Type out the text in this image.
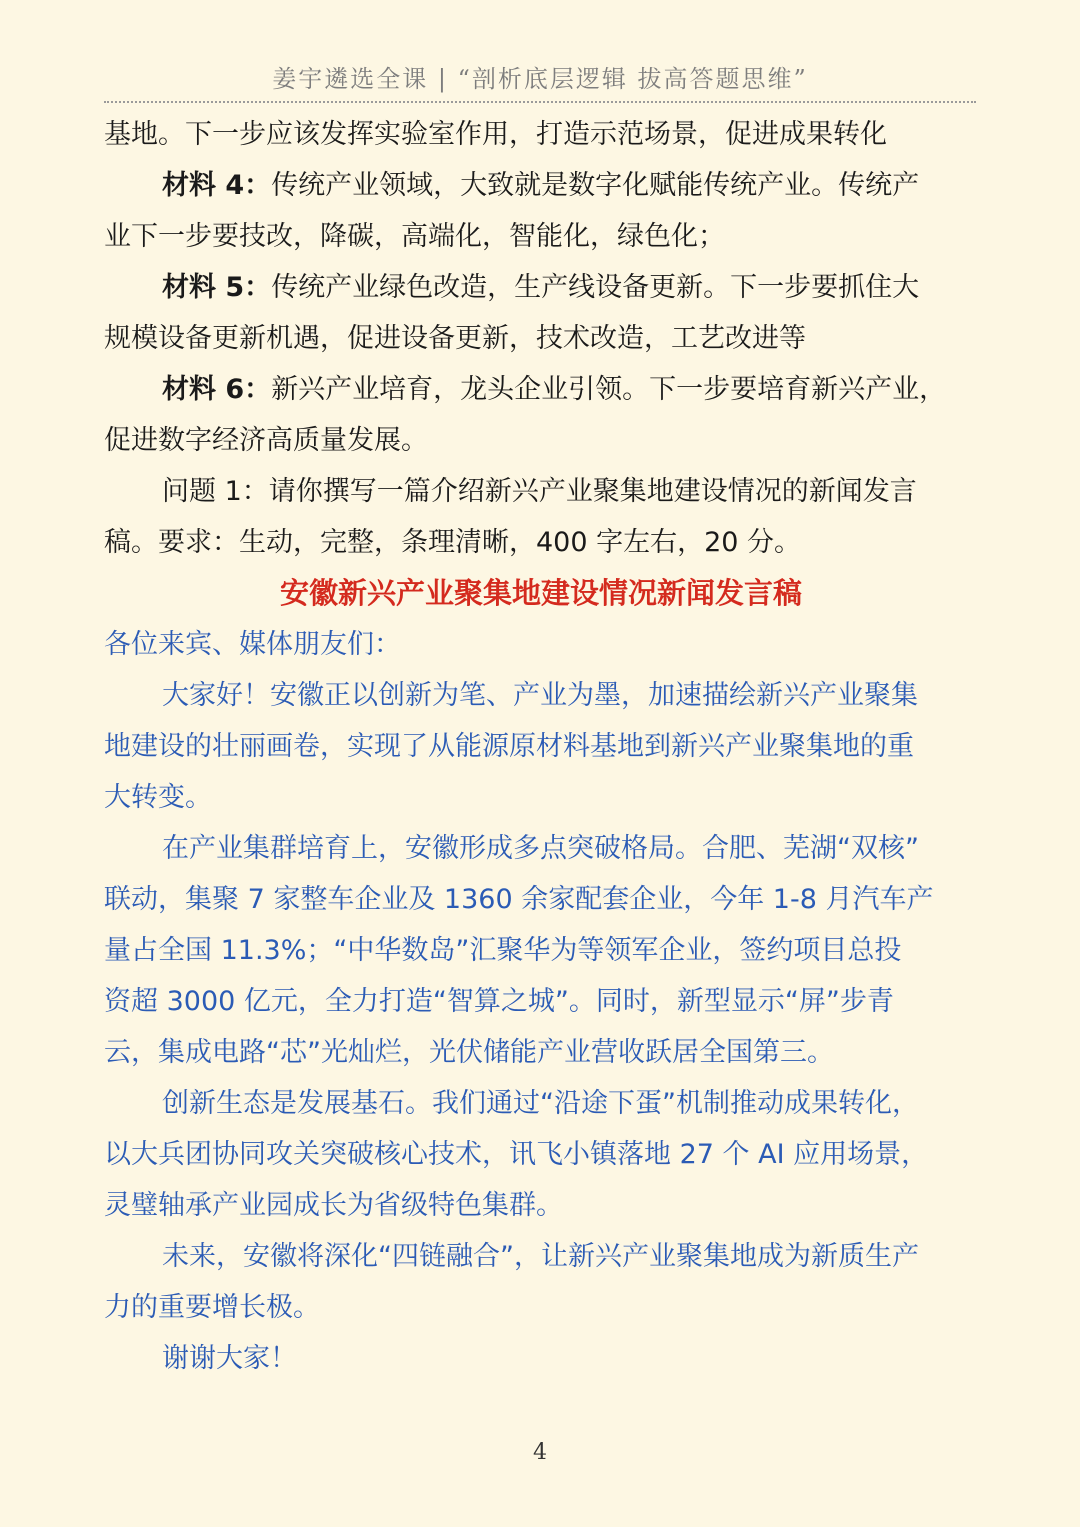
姜宇遴选全课 | “剖析底层逻辑 拔高答题思维”
基地。下一步应该发挥实验室作用，打造示范场景，促进成果转化
材料 4：传统产业领域，大致就是数字化赋能传统产业。传统产
业下一步要技改，降碳，高端化，智能化，绿色化；
材料 5：传统产业绿色改造，生产线设备更新。下一步要抓住大
规模设备更新机遇，促进设备更新，技术改造，工艺改进等
材料 6：新兴产业培育，龙头企业引领。下一步要培育新兴产业，
促进数字经济高质量发展。
问题 1：请你撰写一篇介绍新兴产业聚集地建设情况的新闻发言
稿。要求：生动，完整，条理清晰，400 字左右，20 分。
安徽新兴产业聚集地建设情况新闻发言稿
各位来宾、媒体朋友们：
大家好！安徽正以创新为笔、产业为墨，加速描绘新兴产业聚集
地建设的壮丽画卷，实现了从能源原材料基地到新兴产业聚集地的重
大转变。
在产业集群培育上，安徽形成多点突破格局。合肥、芜湖“双核”
联动，集聚 7 家整车企业及 1360 余家配套企业，今年 1-8 月汽车产
量占全国 11.3%；“中华数岛”汇聚华为等领军企业，签约项目总投
资超 3000 亿元，全力打造“智算之城”。同时，新型显示“屏”步青
云，集成电路“芯”光灿烂，光伏储能产业营收跃居全国第三。
创新生态是发展基石。我们通过“沿途下蛋”机制推动成果转化，
以大兵团协同攻关突破核心技术，讯飞小镇落地 27 个 AI 应用场景，
灵璧轴承产业园成长为省级特色集群。
未来，安徽将深化“四链融合”，让新兴产业聚集地成为新质生产
力的重要增长极。
谢谢大家！
4
